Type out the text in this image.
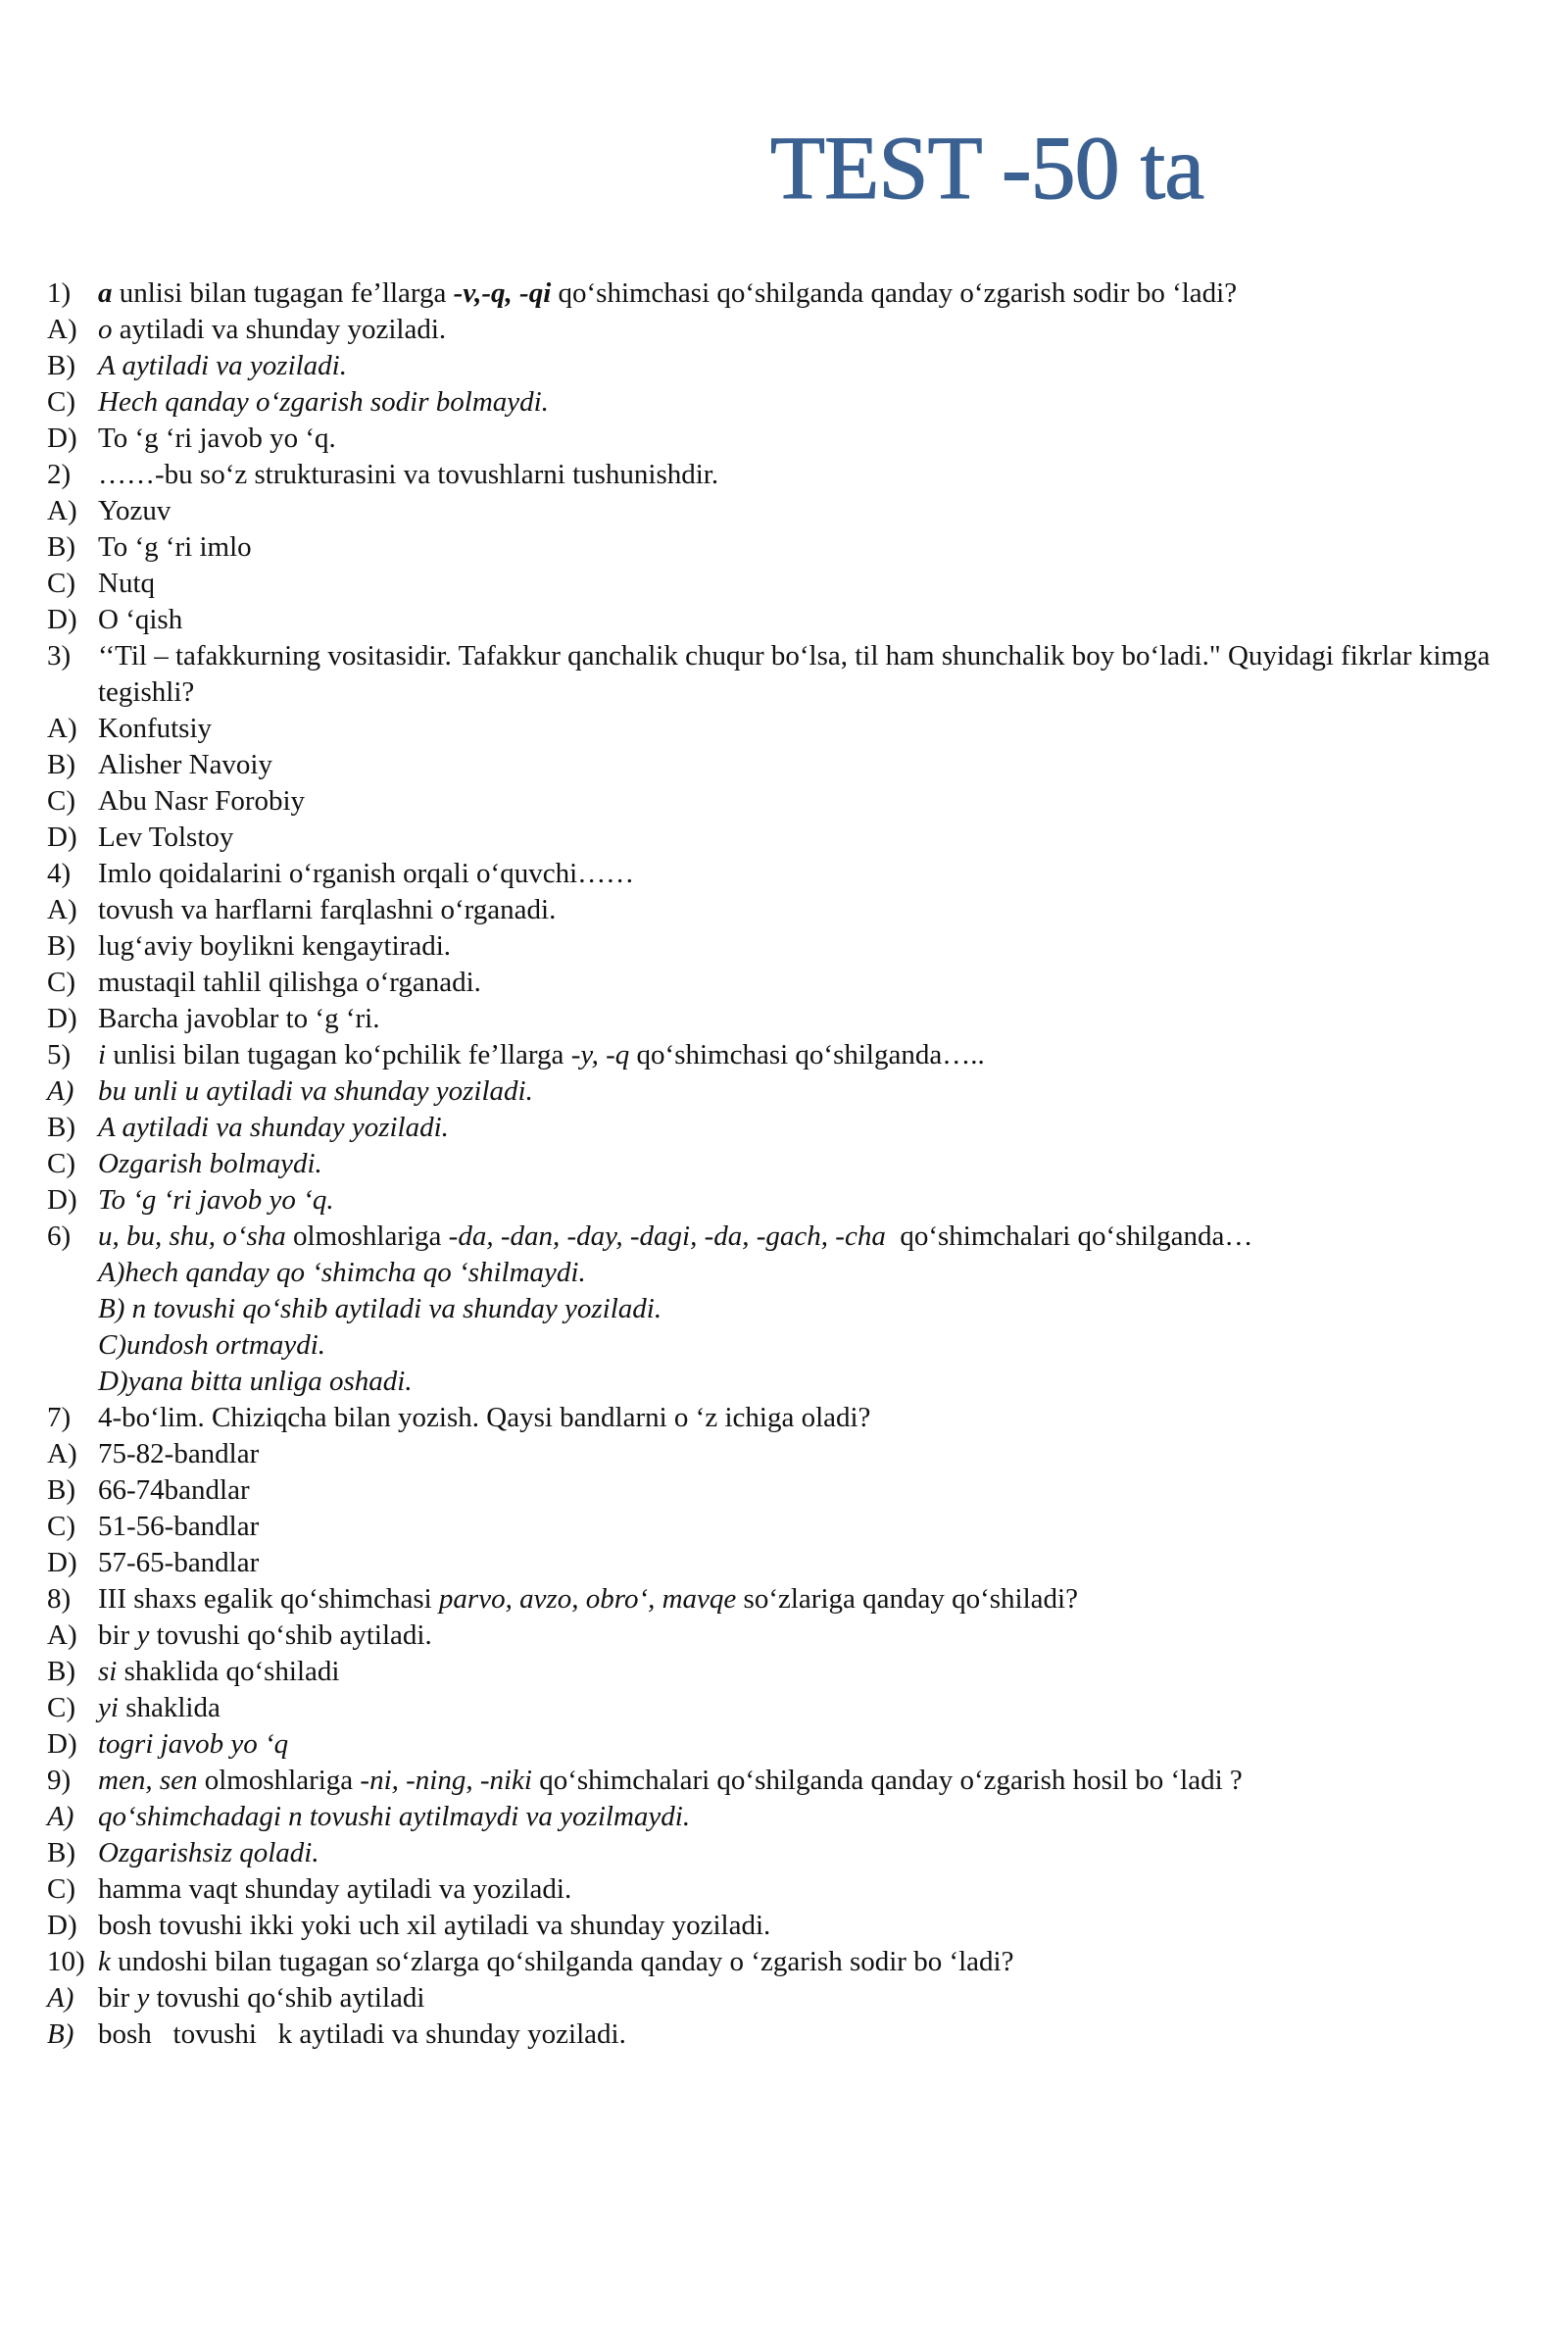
TEST -50 ta
1) a unlisi bilan tugagan fe’llarga -v,-q, -qi qo‘shimchasi qo‘shilganda qanday o‘zgarish sodir bo ‘ladi?
A) o aytiladi va shunday yoziladi.
B) A aytiladi va yoziladi.
C) Hech qanday o‘zgarish sodir bolmaydi.
D) To ‘g ‘ri javob yo ‘q.
2) ……-bu so‘z strukturasini va tovushlarni tushunishdir.
A) Yozuv
B) To ‘g ‘ri imlo
C) Nutq
D) O ‘qish
3) ‘‘Til – tafakkurning vositasidir. Tafakkur qanchalik chuqur bo‘lsa, til ham shunchalik boy bo‘ladi." Quyidagi fikrlar kimga tegishli?
A) Konfutsiy
B) Alisher Navoiy
C) Abu Nasr Forobiy
D) Lev Tolstoy
4) Imlo qoidalarini o‘rganish orqali o‘quvchi……
A) tovush va harflarni farqlashni o‘rganadi.
B) lug‘aviy boylikni kengaytiradi.
C) mustaqil tahlil qilishga o‘rganadi.
D) Barcha javoblar to ‘g ‘ri.
5) i unlisi bilan tugagan ko‘pchilik fe’llarga -y, -q qo‘shimchasi qo‘shilganda…..
A) bu unli u aytiladi va shunday yoziladi.
B) A aytiladi va shunday yoziladi.
C) Ozgarish bolmaydi.
D) To ‘g ‘ri javob yo ‘q.
6) u, bu, shu, o‘sha olmoshlariga -da, -dan, -day, -dagi, -da, -gach, -cha  qo‘shimchalari qo‘shilganda…
A)hech qanday qo ‘shimcha qo ‘shilmaydi.
B) n tovushi qo‘shib aytiladi va shunday yoziladi.
C)undosh ortmaydi.
D)yana bitta unliga oshadi.
7) 4-bo‘lim. Chiziqcha bilan yozish. Qaysi bandlarni o ‘z ichiga oladi?
A) 75-82-bandlar
B) 66-74bandlar
C) 51-56-bandlar
D) 57-65-bandlar
8) III shaxs egalik qo‘shimchasi parvo, avzo, obro‘, mavqe so‘zlariga qanday qo‘shiladi?
A) bir y tovushi qo‘shib aytiladi.
B) si shaklida qo‘shiladi
C) yi shaklida
D) togri javob yo ‘q
9) men, sen olmoshlariga -ni, -ning, -niki qo‘shimchalari qo‘shilganda qanday o‘zgarish hosil bo ‘ladi ?
A) qo‘shimchadagi n tovushi aytilmaydi va yozilmaydi.
B) Ozgarishsiz qoladi.
C) hamma vaqt shunday aytiladi va yoziladi.
D) bosh tovushi ikki yoki uch xil aytiladi va shunday yoziladi.
10) k undoshi bilan tugagan so‘zlarga qo‘shilganda qanday o ‘zgarish sodir bo ‘ladi?
A) bir y tovushi qo‘shib aytiladi
B) bosh   tovushi   k aytiladi va shunday yoziladi.
